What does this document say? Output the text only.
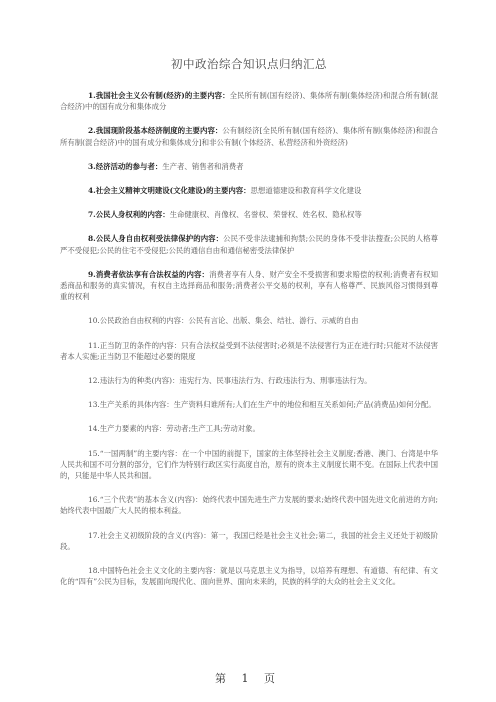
初中政治综合知识点归纳汇总

1.我国社会主义公有制(经济)的主要内容：全民所有制(国有经济)、集体所有制(集体经济)和混合所有制(混合经济)中的国有成分和集体成分

2.我国现阶段基本经济制度的主要内容：公有制经济[全民所有制(国有经济)、集体所有制(集体经济)和混合所有制(混合经济)中的国有成分和集体成分]和非公有制(个体经济、私营经济和外资经济)

3.经济活动的参与者：生产者、销售者和消费者

4.社会主义精神文明建设(文化建设)的主要内容：思想道德建设和教育科学文化建设

7.公民人身权利的内容：生命健康权、肖像权、名誉权、荣誉权、姓名权、隐私权等

8.公民人身自由权利受法律保护的内容：公民不受非法逮捕和拘禁;公民的身体不受非法搜查;公民的人格尊严不受侵犯;公民的住宅不受侵犯;公民的通信自由和通信秘密受法律保护

9.消费者依法享有合法权益的内容：消费者享有人身、财产安全不受损害和要求赔偿的权利;消费者有权知悉商品和服务的真实情况，有权自主选择商品和服务;消费者公平交易的权利，享有人格尊严、民族风俗习惯得到尊重的权利

10.公民政治自由权利的内容：公民有言论、出版、集会、结社、游行、示威的自由

11.正当防卫的条件的内容：只有合法权益受到不法侵害时;必须是不法侵害行为正在进行时;只能对不法侵害者本人实施;正当防卫不能超过必要的限度

12.违法行为的种类(内容)：违宪行为、民事违法行为、行政违法行为、刑事违法行为。

13.生产关系的具体内容：生产资料归谁所有;人们在生产中的地位和相互关系如何;产品(消费品)如何分配。

14.生产力要素的内容：劳动者;生产工具;劳动对象。

15.“一国两制”的主要内容：在一个中国的前提下，国家的主体坚持社会主义制度;香港、澳门、台湾是中华人民共和国不可分割的部分，它们作为特别行政区实行高度自治，原有的资本主义制度长期不变。在国际上代表中国的，只能是中华人民共和国。

16.“三个代表”的基本含义(内容)：始终代表中国先进生产力发展的要求;始终代表中国先进文化前进的方向;始终代表中国最广大人民的根本利益。

17.社会主义初级阶段的含义(内容)：第一，我国已经是社会主义社会;第二，我国的社会主义还处于初级阶段。

18.中国特色社会主义文化的主要内容：就是以马克思主义为指导，以培养有理想、有道德、有纪律、有文化的“四有”公民为目标，发展面向现代化、面向世界、面向未来的，民族的科学的大众的社会主义文化。

第 1 页
